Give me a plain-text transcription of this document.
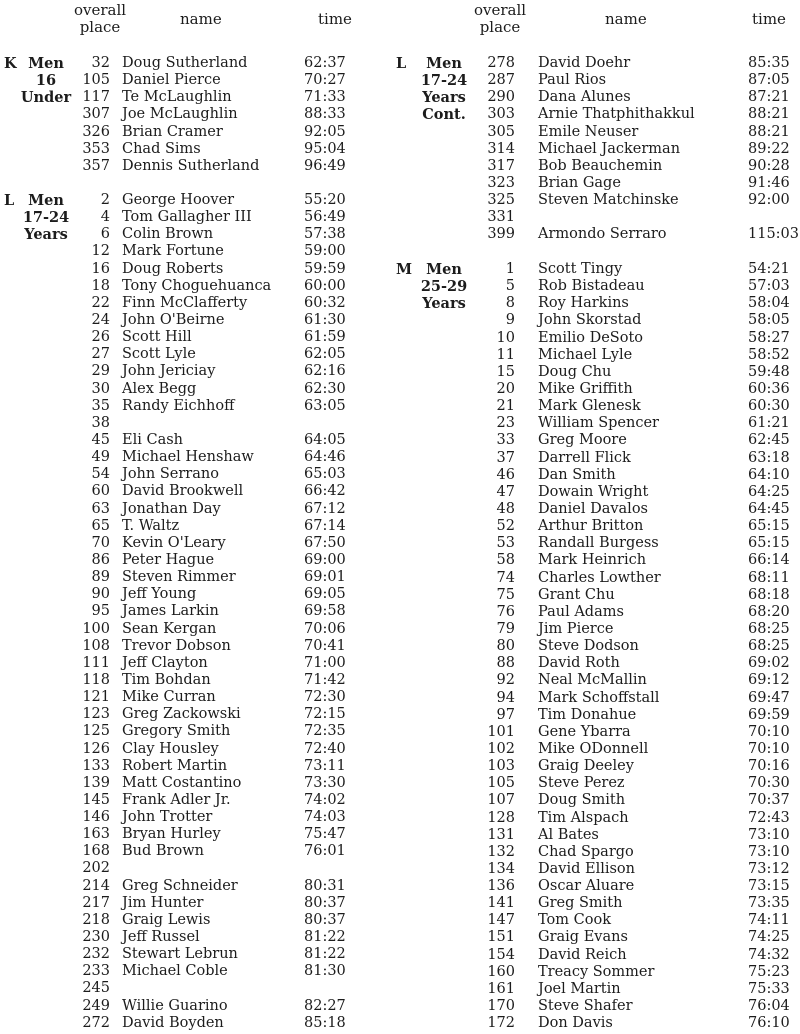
overall
place	name	time
K Men
16
Under
32 Doug Sutherland	62:37
105 Daniel Pierce	70:27
117 Te McLaughlin	71:33
307 Joe McLaughlin	88:33
326 Brian Cramer	92:05
353 Chad Sims	95:04
357 Dennis Sutherland	96:49
L Men
17-24
Years
2 George Hoover	55:20
4 Tom Gallagher III	56:49
6 Colin Brown	57:38
12 Mark Fortune	59:00
16 Doug Roberts	59:59
18 Tony Choguehuanca 60:00
22 Finn McClafferty	60:32
24 John O'Beirne	61:30
26 Scott Hill	61:59
27 Scott Lyle	62:05
29 John Jericiay	62:16
30 Alex Begg	62:30
35 Randy Eichhoff	63:05
38
45 Eli Cash	64:05
49 Michael Henshaw	64:46
54 John Serrano	65:03
60 David Brookwell	66:42
63 Jonathan Day	67:12
65 T. Waltz	67:14
70 Kevin O'Leary	67:50
86 Peter Hague	69:00
89 Steven Rimmer	69:01
90 Jeff Young	69:05
95 James Larkin	69:58
100 Sean Kergan	70:06
108 Trevor Dobson	70:41
111 Jeff Clayton	71:00
118 Tim Bohdan	71:42
121 Mike Curran	72:30
123 Greg Zackowski	72:15
125 Gregory Smith	72:35
126 Clay Housley	72:40
133 Robert Martin	73:11
139 Matt Costantino	73:30
145 Frank Adler Jr.	74:02
146 John Trotter	74:03
163 Bryan Hurley	75:47
168 Bud Brown	76:01
202
214 Greg Schneider	80:31
217 Jim Hunter	80:37
218 Graig Lewis	80:37
230 Jeff Russel	81:22
232 Stewart Lebrun	81:22
233 Michael Coble	81:30
245
249 Willie Guarino	82:27
272 David Boyden	85:18
overall
place	name	time
L	Men
17-24
Years
Cont.
278 David Doehr	85:35
287 Paul Rios	87:05
290 Dana Alunes	87:21
303 Arnie Thatphithakkul	88:21
305 Emile Neuser	88:21
314 Michael Jackerman	89:22
317 Bob Beauchemin	90:28
323 Brian Gage	91:46
325 Steven Matchinske	92:00
331
399 Armondo Serraro	115:03
M Men
25-29
Years
1 Scott Tingy	54:21
5 Rob Bistadeau	57:03
8 Roy Harkins	58:04
9 John Skorstad	58:05
10 Emilio DeSoto	58:27
11 Michael Lyle	58:52
15 Doug Chu	59:48
20 Mike Griffith	60:36
21 Mark Glenesk	60:30
23 William Spencer	61:21
33 Greg Moore	62:45
37 Darrell Flick	63:18
46 Dan Smith	64:10
47 Dowain Wright	64:25
48 Daniel Davalos	64:45
52 Arthur Britton	65:15
53 Randall Burgess	65:15
58 Mark Heinrich	66:14
74 Charles Lowther	68:11
75 Grant Chu	68:18
76 Paul Adams	68:20
79 Jim Pierce	68:25
80 Steve Dodson	68:25
88 David Roth	69:02
92 Neal McMallin	69:12
94 Mark Schoffstall	69:47
97 Tim Donahue	69:59
101 Gene Ybarra	70:10
102 Mike ODonnell	70:10
103 Graig Deeley	70:16
105 Steve Perez	70:30
107 Doug Smith	70:37
128 Tim Alspach	72:43
131 Al Bates	73:10
132 Chad Spargo	73:10
134 David Ellison	73:12
136 Oscar Aluare	73:15
141 Greg Smith	73:35
147 Tom Cook	74:11
151 Graig Evans	74:25
154 David Reich	74:32
160 Treacy Sommer	75:23
161 Joel Martin	75:33
170 Steve Shafer	76:04
172 Don Davis	76:10
